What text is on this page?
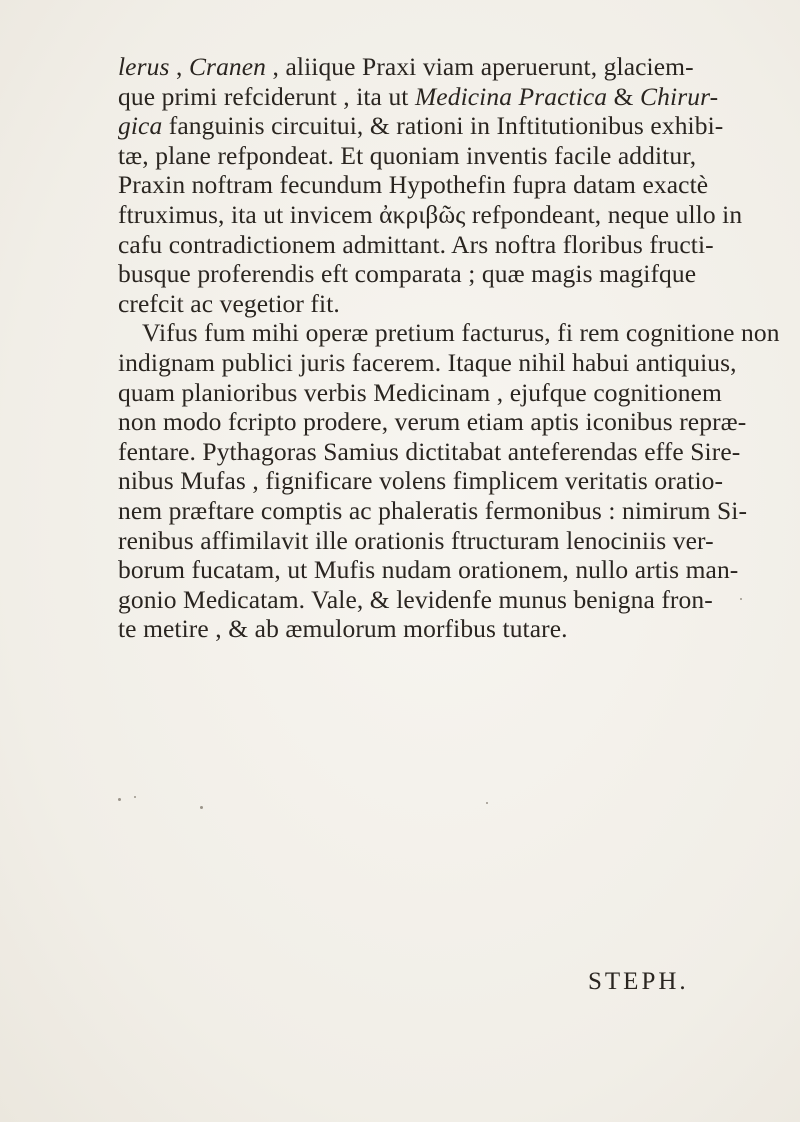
lerus , Cranen , aliique Praxi viam aperuerunt, glaciem-
que primi refciderunt , ita ut Medicina Practica & Chirur-
gica fanguinis circuitui, & rationi in Inftitutionibus exhibi-
tæ, plane refpondeat. Et quoniam inventis facile additur,
Praxin noftram fecundum Hypothefin fupra datam exactè
ftruximus, ita ut invicem ἀκριβῶς refpondeant, neque ullo in
cafu contradictionem admittant. Ars noftra floribus fructi-
busque proferendis eft comparata ; quæ magis magifque
crefcit ac vegetior fit.
Vifus fum mihi operæ pretium facturus, fi rem cognitione non
indignam publici juris facerem. Itaque nihil habui antiquius,
quam planioribus verbis Medicinam , ejufque cognitionem
non modo fcripto prodere, verum etiam aptis iconibus repræ-
fentare. Pythagoras Samius dictitabat anteferendas effe Sire-
nibus Mufas , fignificare volens fimplicem veritatis oratio-
nem præftare comptis ac phaleratis fermonibus : nimirum Si-
renibus affimilavit ille orationis ftructuram lenociniis ver-
borum fucatam, ut Mufis nudam orationem, nullo artis man-
gonio Medicatam. Vale, & levidenfe munus benigna fron-
te metire , & ab æmulorum morfibus tutare.
STEPH.
